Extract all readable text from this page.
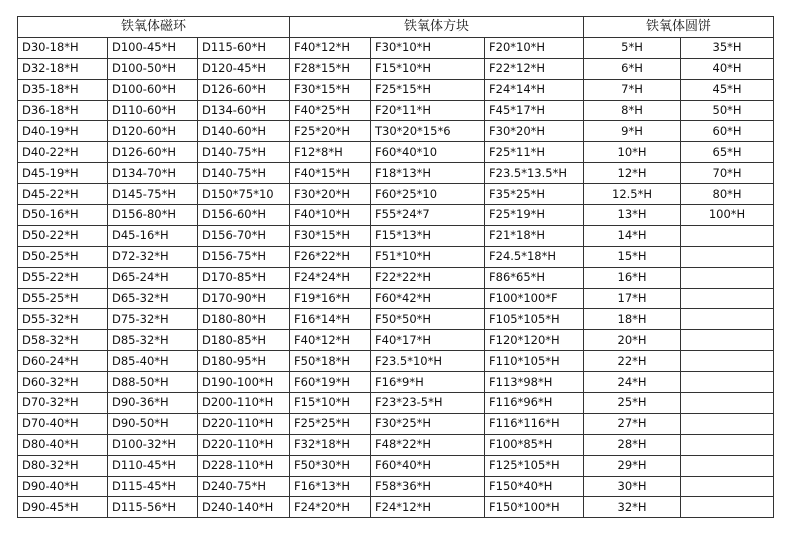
铁氧体磁环			铁氧体方块			铁氧体圆饼	
D30-18*H	D100-45*H	D115-60*H	F40*12*H	F30*10*H	F20*10*H	5*H	35*H
D32-18*H	D100-50*H	D120-45*H	F28*15*H	F15*10*H	F22*12*H	6*H	40*H
D35-18*H	D100-60*H	D126-60*H	F30*15*H	F25*15*H	F24*14*H	7*H	45*H
D36-18*H	D110-60*H	D134-60*H	F40*25*H	F20*11*H	F45*17*H	8*H	50*H
D40-19*H	D120-60*H	D140-60*H	F25*20*H	T30*20*15*6	F30*20*H	9*H	60*H
D40-22*H	D126-60*H	D140-75*H	F12*8*H	F60*40*10	F25*11*H	10*H	65*H
D45-19*H	D134-70*H	D140-75*H	F40*15*H	F18*13*H	F23.5*13.5*H	12*H	70*H
D45-22*H	D145-75*H	D150*75*10	F30*20*H	F60*25*10	F35*25*H	12.5*H	80*H
D50-16*H	D156-80*H	D156-60*H	F40*10*H	F55*24*7	F25*19*H	13*H	100*H
D50-22*H	D45-16*H	D156-70*H	F30*15*H	F15*13*H	F21*18*H	14*H	
D50-25*H	D72-32*H	D156-75*H	F26*22*H	F51*10*H	F24.5*18*H	15*H	
D55-22*H	D65-24*H	D170-85*H	F24*24*H	F22*22*H	F86*65*H	16*H	
D55-25*H	D65-32*H	D170-90*H	F19*16*H	F60*42*H	F100*100*F	17*H	
D55-32*H	D75-32*H	D180-80*H	F16*14*H	F50*50*H	F105*105*H	18*H	
D58-32*H	D85-32*H	D180-85*H	F40*12*H	F40*17*H	F120*120*H	20*H	
D60-24*H	D85-40*H	D180-95*H	F50*18*H	F23.5*10*H	F110*105*H	22*H	
D60-32*H	D88-50*H	D190-100*H	F60*19*H	F16*9*H	F113*98*H	24*H	
D70-32*H	D90-36*H	D200-110*H	F15*10*H	F23*23-5*H	F116*96*H	25*H	
D70-40*H	D90-50*H	D220-110*H	F25*25*H	F30*25*H	F116*116*H	27*H	
D80-40*H	D100-32*H	D220-110*H	F32*18*H	F48*22*H	F100*85*H	28*H	
D80-32*H	D110-45*H	D228-110*H	F50*30*H	F60*40*H	F125*105*H	29*H	
D90-40*H	D115-45*H	D240-75*H	F16*13*H	F58*36*H	F150*40*H	30*H	
D90-45*H	D115-56*H	D240-140*H	F24*20*H	F24*12*H	F150*100*H	32*H	
